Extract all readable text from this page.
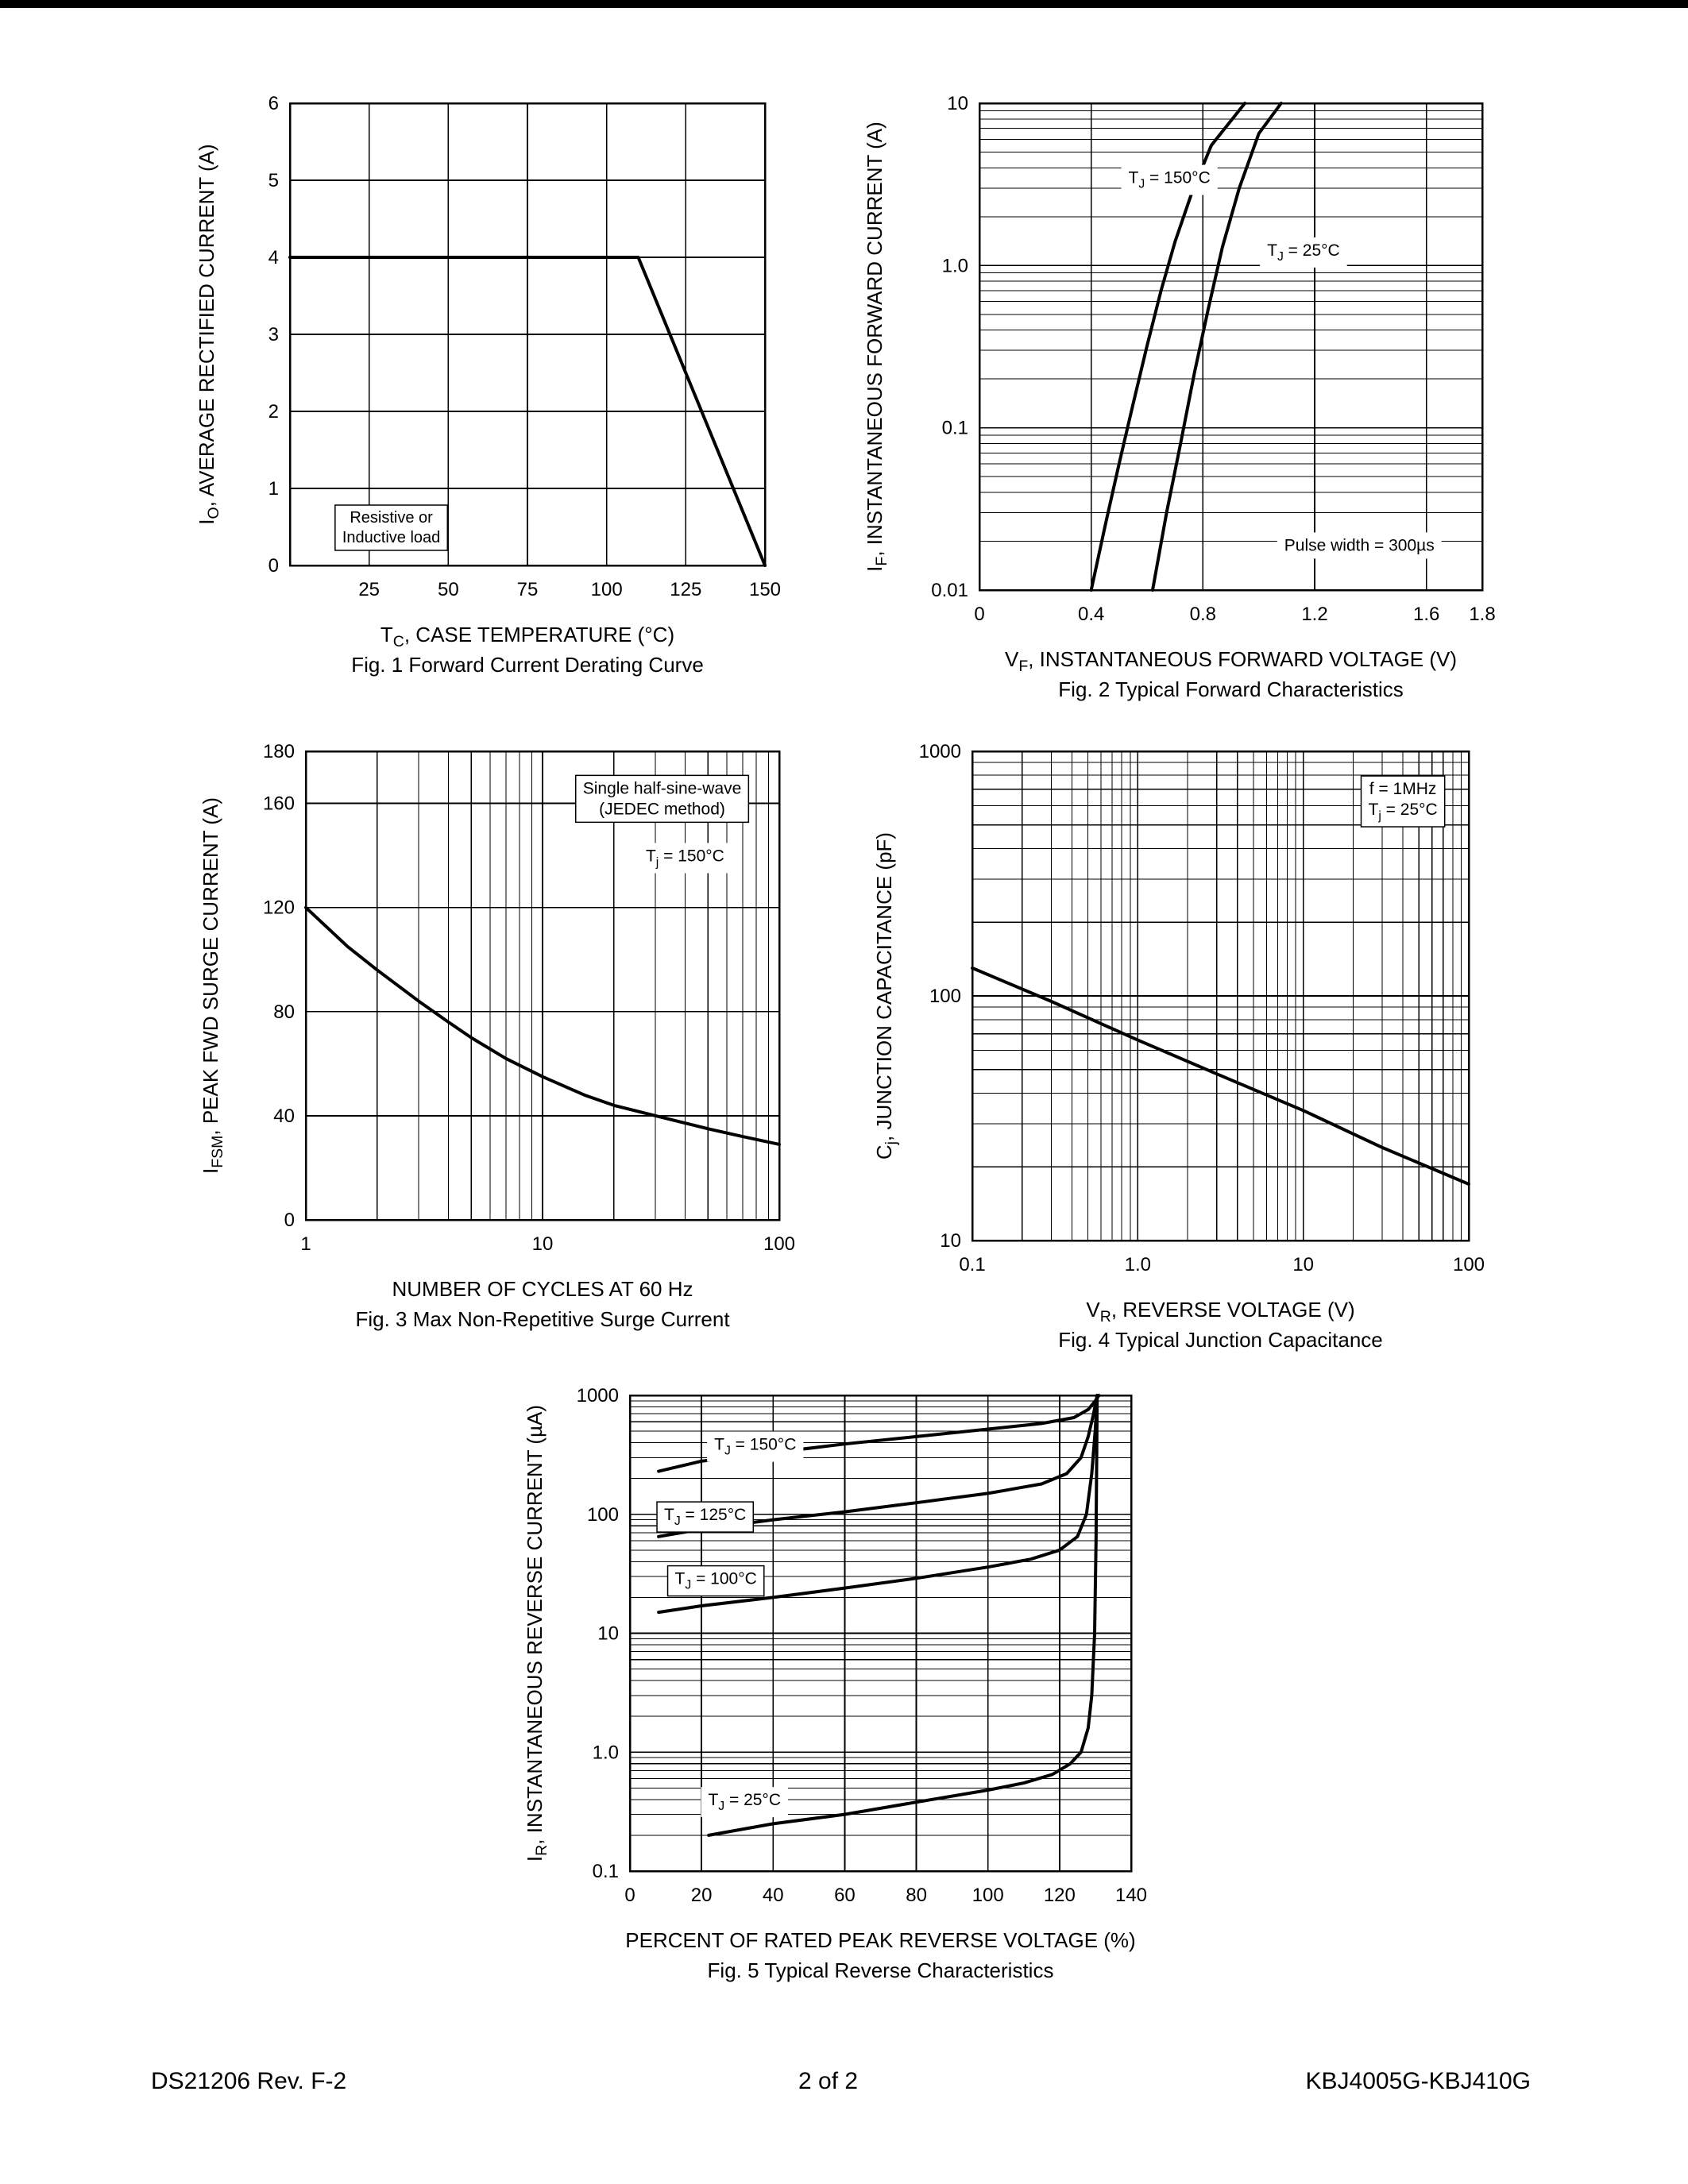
25	50	75	100 125 150
0
1
2
3
4
5
6
$T_C$, CASE TEMPERATURE (°C)
$I_O$, AVERAGE RECTIFIED CURRENT (A)
Fig. 1 Forward Current Derating Curve
Resistive or Inductive load
0	0.4	0.8	1.2	1.6 1.8
0.01
0.1
1.0
10
$V_F$, INSTANTANEOUS FORWARD VOLTAGE (V)
$I_F$, INSTANTANEOUS FORWARD CURRENT (A)
Fig. 2 Typical Forward Characteristics
$T_J = 150^\circ C$
$T_J = 25^\circ C$
Pulse width = 300µs
1	10	100
0
40
80
120
160
180
NUMBER OF CYCLES AT 60 Hz
$I_{FSM}$, PEAK FWD SURGE CURRENT (A)
Fig. 3 Max Non-Repetitive Surge Current
Single half-sine-wave (JEDEC method)
$T_j = 150^\circ C$
0.1	1.0	10	100
10
100
1000
$V_R$, REVERSE VOLTAGE (V)
$C_j$, JUNCTION CAPACITANCE (pF)
Fig. 4 Typical Junction Capacitance
f = 1MHz $T_j = 25^\circ C$
0	20	40	60	80 100 120 140
0.1
1.0
10
100
1000
PERCENT OF RATED PEAK REVERSE VOLTAGE (%)
$I_R$, INSTANTANEOUS REVERSE CURRENT (µA)
Fig. 5 Typical Reverse Characteristics
$T_J = 150^\circ C$
$T_J = 125^\circ C$
$T_J = 100^\circ C$
$T_J = 25^\circ C$
DS21206 Rev. F-2	2 of 2	KBJ4005G-KBJ410G
